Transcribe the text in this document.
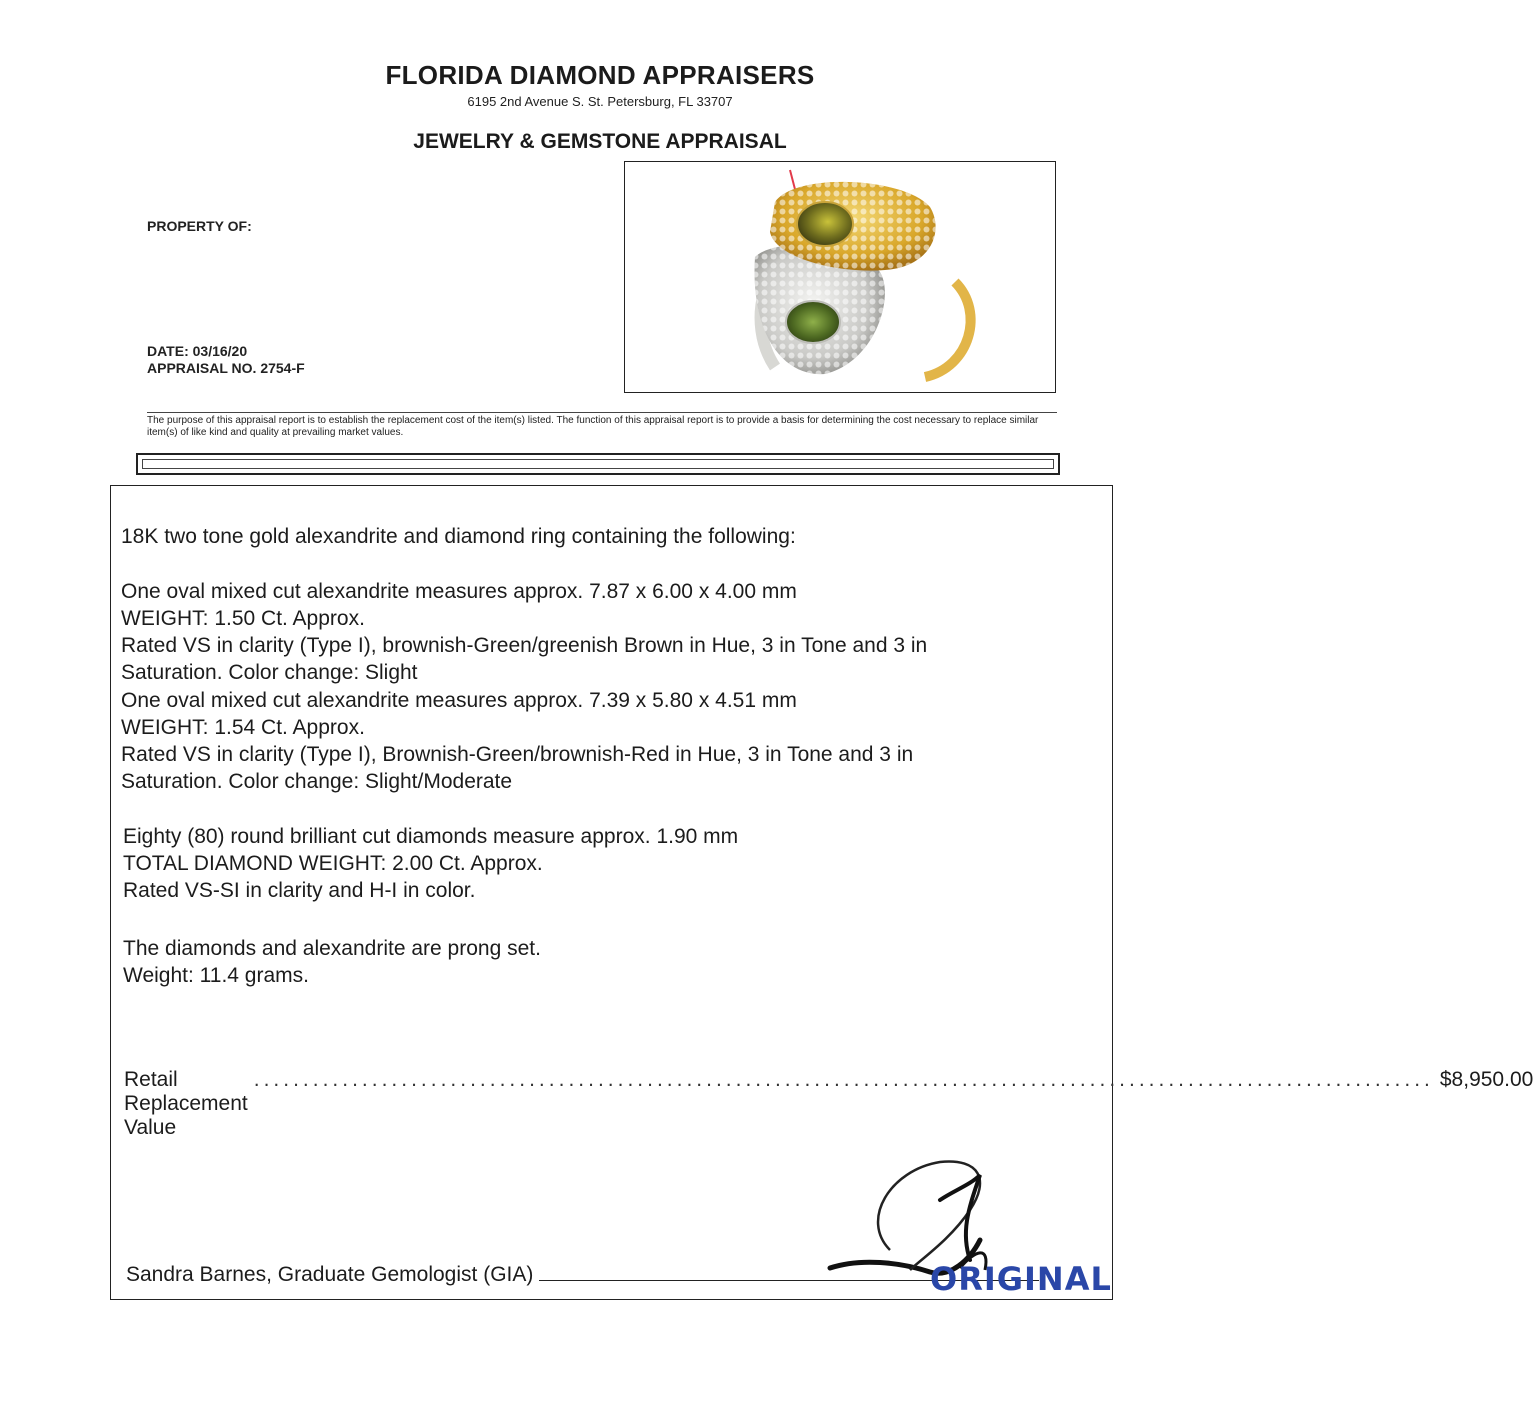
FLORIDA DIAMOND APPRAISERS
6195 2nd Avenue S. St. Petersburg, FL 33707
JEWELRY & GEMSTONE APPRAISAL
PROPERTY OF:
DATE: 03/16/20
APPRAISAL NO. 2754-F
The purpose of this appraisal report is to establish the replacement cost of the item(s) listed. The function of this appraisal report is to provide a basis for determining the cost necessary to replace similar item(s) of like kind and quality at prevailing market values.
18K two tone gold alexandrite and diamond ring containing the following:
One oval mixed cut alexandrite measures approx. 7.87 x 6.00 x 4.00 mm
WEIGHT: 1.50 Ct. Approx.
Rated VS in clarity (Type I), brownish-Green/greenish Brown in Hue, 3 in Tone and 3 in
Saturation. Color change: Slight
One oval mixed cut alexandrite measures approx. 7.39 x 5.80 x 4.51 mm
WEIGHT: 1.54 Ct. Approx.
Rated VS in clarity (Type I), Brownish-Green/brownish-Red in Hue, 3 in Tone and 3 in
Saturation. Color change: Slight/Moderate
Eighty (80) round brilliant cut diamonds measure approx. 1.90 mm
TOTAL DIAMOND WEIGHT: 2.00 Ct. Approx.
Rated VS-SI in clarity and H-I in color.
The diamonds and alexandrite are prong set.
Weight: 11.4 grams.
Retail Replacement Value
........................................................................................................................ $8,950.00
Sandra Barnes, Graduate Gemologist (GIA)	ORIGINAL
